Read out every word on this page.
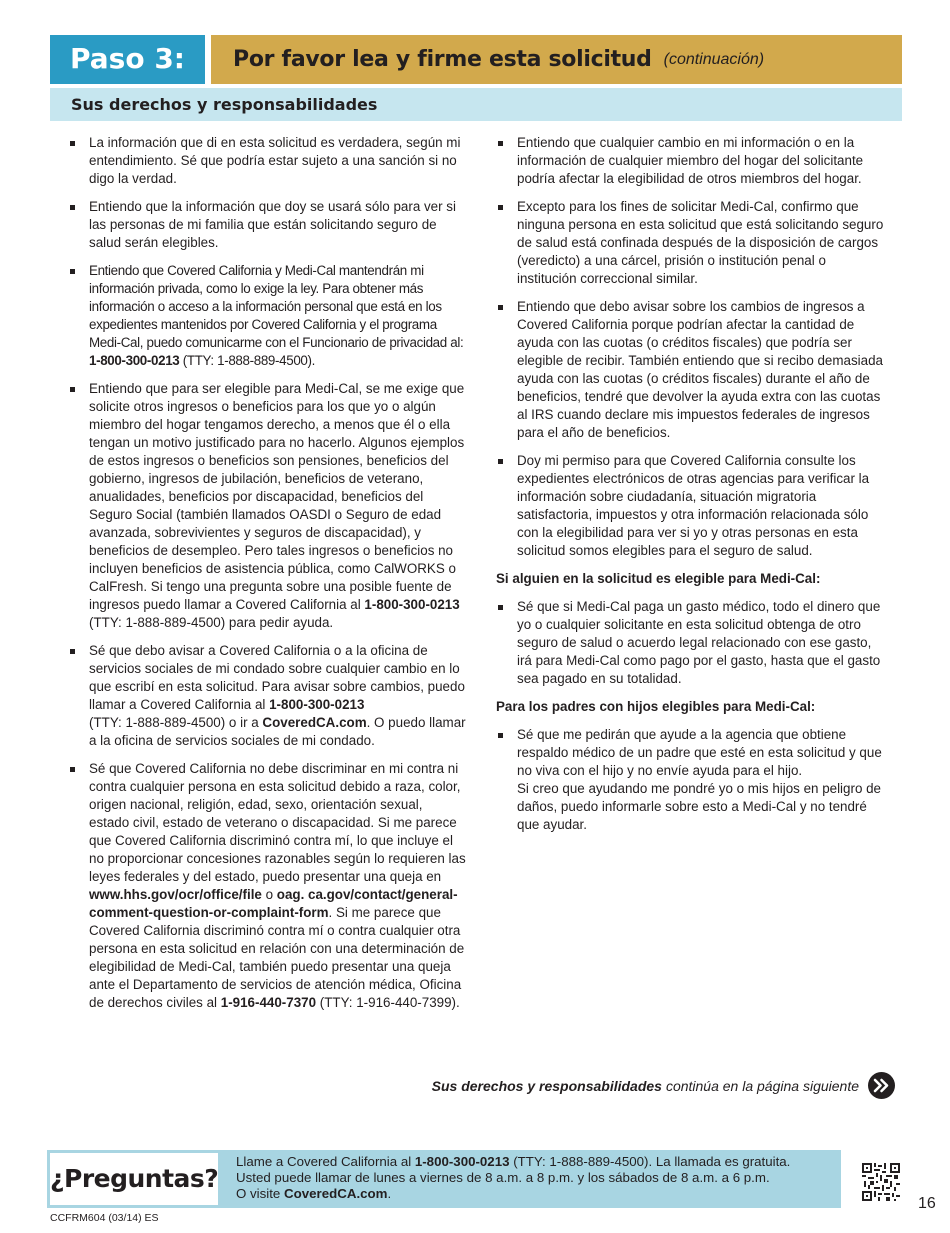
Paso 3:	Por favor lea y firme esta solicitud (continuación)
Sus derechos y responsabilidades
La información que di en esta solicitud es verdadera, según mi entendimiento. Sé que podría estar sujeto a una sanción si no digo la verdad.
Entiendo que la información que doy se usará sólo para ver si las personas de mi familia que están solicitando seguro de salud serán elegibles.
Entiendo que Covered California y Medi-Cal mantendrán mi información privada, como lo exige la ley. Para obtener más información o acceso a la información personal que está en los expedientes mantenidos por Covered California y el programa Medi-Cal, puedo comunicarme con el Funcionario de privacidad al: 1-800-300-0213 (TTY: 1-888-889-4500).
Entiendo que para ser elegible para Medi-Cal, se me exige que solicite otros ingresos o beneficios para los que yo o algún miembro del hogar tengamos derecho, a menos que él o ella tengan un motivo justificado para no hacerlo. Algunos ejemplos de estos ingresos o beneficios son pensiones, beneficios del gobierno, ingresos de jubilación, beneficios de veterano, anualidades, beneficios por discapacidad, beneficios del Seguro Social (también llamados OASDI o Seguro de edad avanzada, sobrevivientes y seguros de discapacidad), y beneficios de desempleo. Pero tales ingresos o beneficios no incluyen beneficios de asistencia pública, como CalWORKS o CalFresh. Si tengo una pregunta sobre una posible fuente de ingresos puedo llamar a Covered California al 1-800-300-0213
(TTY: 1-888-889-4500) para pedir ayuda.
Sé que debo avisar a Covered California o a la oficina de servicios sociales de mi condado sobre cualquier cambio en lo que escribí en esta solicitud. Para avisar sobre cambios, puedo llamar a Covered California al 1-800-300-0213
(TTY: 1-888-889-4500) o ir a CoveredCA.com. O puedo llamar a la oficina de servicios sociales de mi condado.
Sé que Covered California no debe discriminar en mi contra ni contra cualquier persona en esta solicitud debido a raza, color, origen nacional, religión, edad, sexo, orientación sexual, estado civil, estado de veterano o discapacidad. Si me parece que Covered California discriminó contra mí, lo que incluye el no proporcionar concesiones razonables según lo requieren las leyes federales y del estado, puedo presentar una queja en www.hhs.gov/ocr/office/file o oag. ca.gov/contact/general-comment-question-or-complaint-form. Si me parece que Covered California discriminó contra mí o contra cualquier otra persona en esta solicitud en relación con una determinación de elegibilidad de Medi-Cal, también puedo presentar una queja ante el Departamento de servicios de atención médica, Oficina de derechos civiles al 1-916-440-7370 (TTY: 1-916-440-7399).
Entiendo que cualquier cambio en mi información o en la información de cualquier miembro del hogar del solicitante podría afectar la elegibilidad de otros miembros del hogar.
Excepto para los fines de solicitar Medi-Cal, confirmo que ninguna persona en esta solicitud que está solicitando seguro de salud está confinada después de la disposición de cargos (veredicto) a una cárcel, prisión o institución penal o institución correccional similar.
Entiendo que debo avisar sobre los cambios de ingresos a Covered California porque podrían afectar la cantidad de ayuda con las cuotas (o créditos fiscales) que podría ser elegible de recibir. También entiendo que si recibo demasiada ayuda con las cuotas (o créditos fiscales) durante el año de beneficios, tendré que devolver la ayuda extra con las cuotas al IRS cuando declare mis impuestos federales de ingresos para el año de beneficios.
Doy mi permiso para que Covered California consulte los expedientes electrónicos de otras agencias para verificar la información sobre ciudadanía, situación migratoria satisfactoria, impuestos y otra información relacionada sólo con la elegibilidad para ver si yo y otras personas en esta solicitud somos elegibles para el seguro de salud.
Si alguien en la solicitud es elegible para Medi-Cal:
Sé que si Medi-Cal paga un gasto médico, todo el dinero que yo o cualquier solicitante en esta solicitud obtenga de otro seguro de salud o acuerdo legal relacionado con ese gasto, irá para Medi-Cal como pago por el gasto, hasta que el gasto sea pagado en su totalidad.
Para los padres con hijos elegibles para Medi-Cal:
Sé que me pedirán que ayude a la agencia que obtiene respaldo médico de un padre que esté en esta solicitud y que no viva con el hijo y no envíe ayuda para el hijo.
Si creo que ayudando me pondré yo o mis hijos en peligro de daños, puedo informarle sobre esto a Medi-Cal y no tendré que ayudar.
Sus derechos y responsabilidades continúa en la página siguiente
¿Preguntas?
Llame a Covered California al 1-800-300-0213 (TTY: 1-888-889-4500). La llamada es gratuita.
Usted puede llamar de lunes a viernes de 8 a.m. a 8 p.m. y los sábados de 8 a.m. a 6 p.m.
O visite CoveredCA.com.
16
CCFRM604 (03/14) ES
